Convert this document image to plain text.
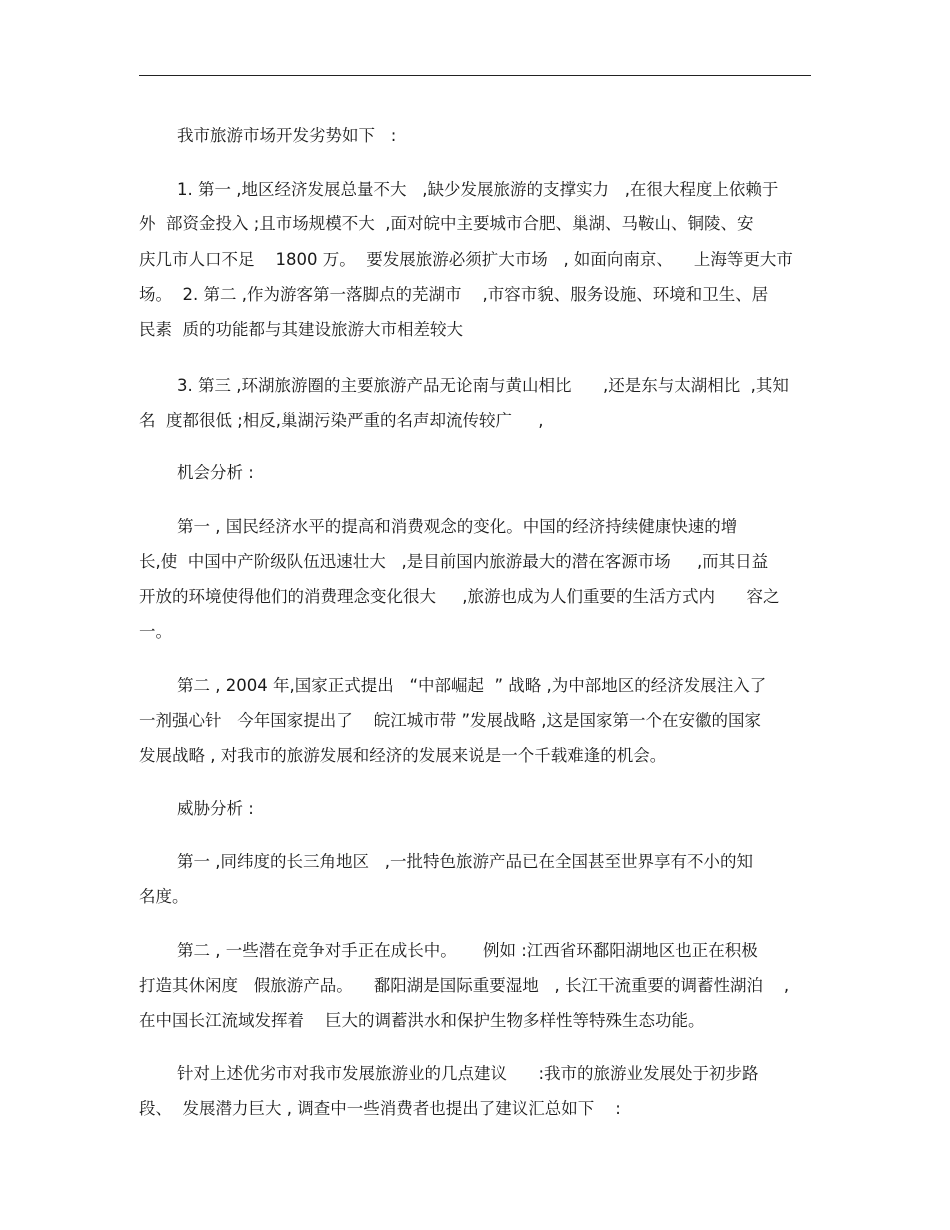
我市旅游市场开发劣势如下   :
1. 第一 ,地区经济发展总量不大   ,缺少发展旅游的支撑实力   ,在很大程度上依赖于
外  部资金投入 ;且市场规模不大  ,面对皖中主要城市合肥、巢湖、马鞍山、铜陵、安
庆几市人口不足    1800 万。  要发展旅游必须扩大市场   , 如面向南京、    上海等更大市
场。  2. 第二 ,作为游客第一落脚点的芜湖市    ,市容市貌、服务设施、环境和卫生、居
民素  质的功能都与其建设旅游大市相差较大
3. 第三 ,环湖旅游圈的主要旅游产品无论南与黄山相比      ,还是东与太湖相比  ,其知
名  度都很低 ;相反,巢湖污染严重的名声却流传较广     ,
机会分析 :
第一 , 国民经济水平的提高和消费观念的变化。中国的经济持续健康快速的增
长,使  中国中产阶级队伍迅速壮大   ,是目前国内旅游最大的潜在客源市场     ,而其日益
开放的环境使得他们的消费理念变化很大     ,旅游也成为人们重要的生活方式内      容之
一。
第二 , 2004 年,国家正式提出   “中部崛起  ” 战略 ,为中部地区的经济发展注入了
一剂强心针   今年国家提出了    皖江城市带 ”发展战略 ,这是国家第一个在安徽的国家
发展战略 , 对我市的旅游发展和经济的发展来说是一个千载难逢的机会。
威胁分析 :
第一 ,同纬度的长三角地区   ,一批特色旅游产品已在全国甚至世界享有不小的知
名度。
第二 , 一些潜在竞争对手正在成长中。     例如 :江西省环鄱阳湖地区也正在积极
打造其休闲度   假旅游产品。    鄱阳湖是国际重要湿地   , 长江干流重要的调蓄性湖泊    ,
在中国长江流域发挥着    巨大的调蓄洪水和保护生物多样性等特殊生态功能。
针对上述优劣市对我市发展旅游业的几点建议      :我市的旅游业发展处于初步路
段、  发展潜力巨大 , 调查中一些消费者也提出了建议汇总如下    :
